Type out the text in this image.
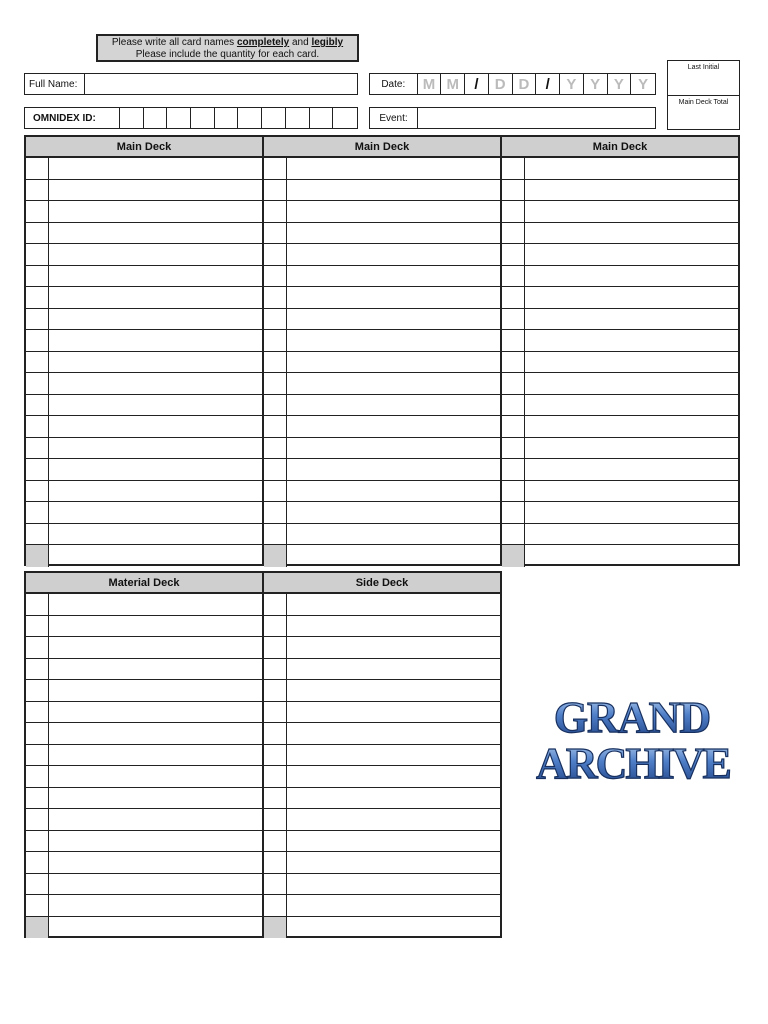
Please write all card names completely and legibly
Please include the quantity for each card.
Full Name:
OMNIDEX ID:
Date:	M M	/	D D	/	Y Y Y Y
Event:
Last Initial
Main Deck Total
Main Deck	Main Deck	Main Deck
Material Deck	Side Deck
GRAND
ARCHIVE
